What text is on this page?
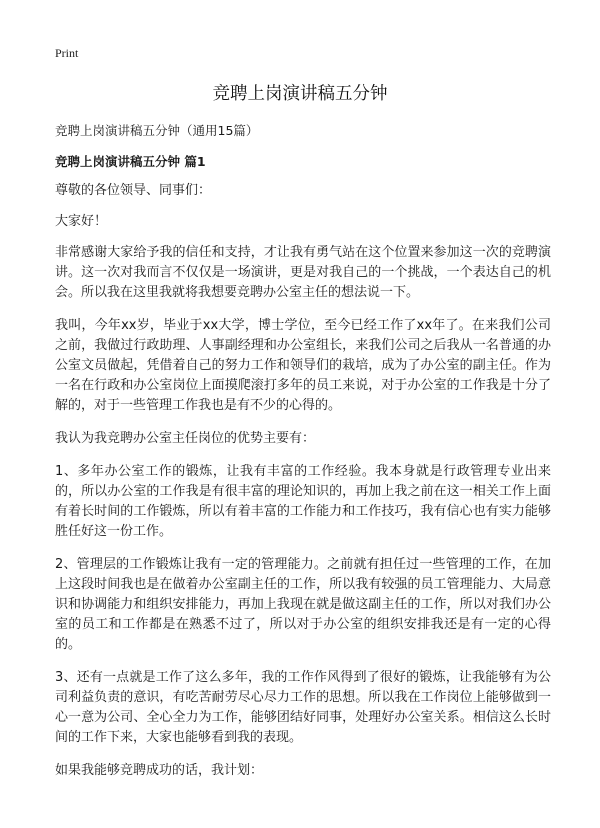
Print
竞聘上岗演讲稿五分钟

竞聘上岗演讲稿五分钟（通用15篇）

竞聘上岗演讲稿五分钟 篇1

尊敬的各位领导、同事们：

大家好！

非常感谢大家给予我的信任和支持，才让我有勇气站在这个位置来参加这一次的竞聘演讲。这一次对我而言不仅仅是一场演讲，更是对我自己的一个挑战，一个表达自己的机会。所以我在这里我就将我想要竞聘办公室主任的想法说一下。

我叫，今年xx岁，毕业于xx大学，博士学位，至今已经工作了xx年了。在来我们公司之前，我做过行政助理、人事副经理和办公室组长，来我们公司之后我从一名普通的办公室文员做起，凭借着自己的努力工作和领导们的栽培，成为了办公室的副主任。作为一名在行政和办公室岗位上面摸爬滚打多年的员工来说，对于办公室的工作我是十分了解的，对于一些管理工作我也是有不少的心得的。

我认为我竞聘办公室主任岗位的优势主要有：

1、多年办公室工作的锻炼，让我有丰富的工作经验。我本身就是行政管理专业出来的，所以办公室的工作我是有很丰富的理论知识的，再加上我之前在这一相关工作上面有着长时间的工作锻炼，所以有着丰富的工作能力和工作技巧，我有信心也有实力能够胜任好这一份工作。

2、管理层的工作锻炼让我有一定的管理能力。之前就有担任过一些管理的工作，在加上这段时间我也是在做着办公室副主任的工作，所以我有较强的员工管理能力、大局意识和协调能力和组织安排能力，再加上我现在就是做这副主任的工作，所以对我们办公室的员工和工作都是在熟悉不过了，所以对于办公室的组织安排我还是有一定的心得的。

3、还有一点就是工作了这么多年，我的工作作风得到了很好的锻炼，让我能够有为公司利益负责的意识，有吃苦耐劳尽心尽力工作的思想。所以我在工作岗位上能够做到一心一意为公司、全心全力为工作，能够团结好同事，处理好办公室关系。相信这么长时间的工作下来，大家也能够看到我的表现。

如果我能够竞聘成功的话，我计划：
